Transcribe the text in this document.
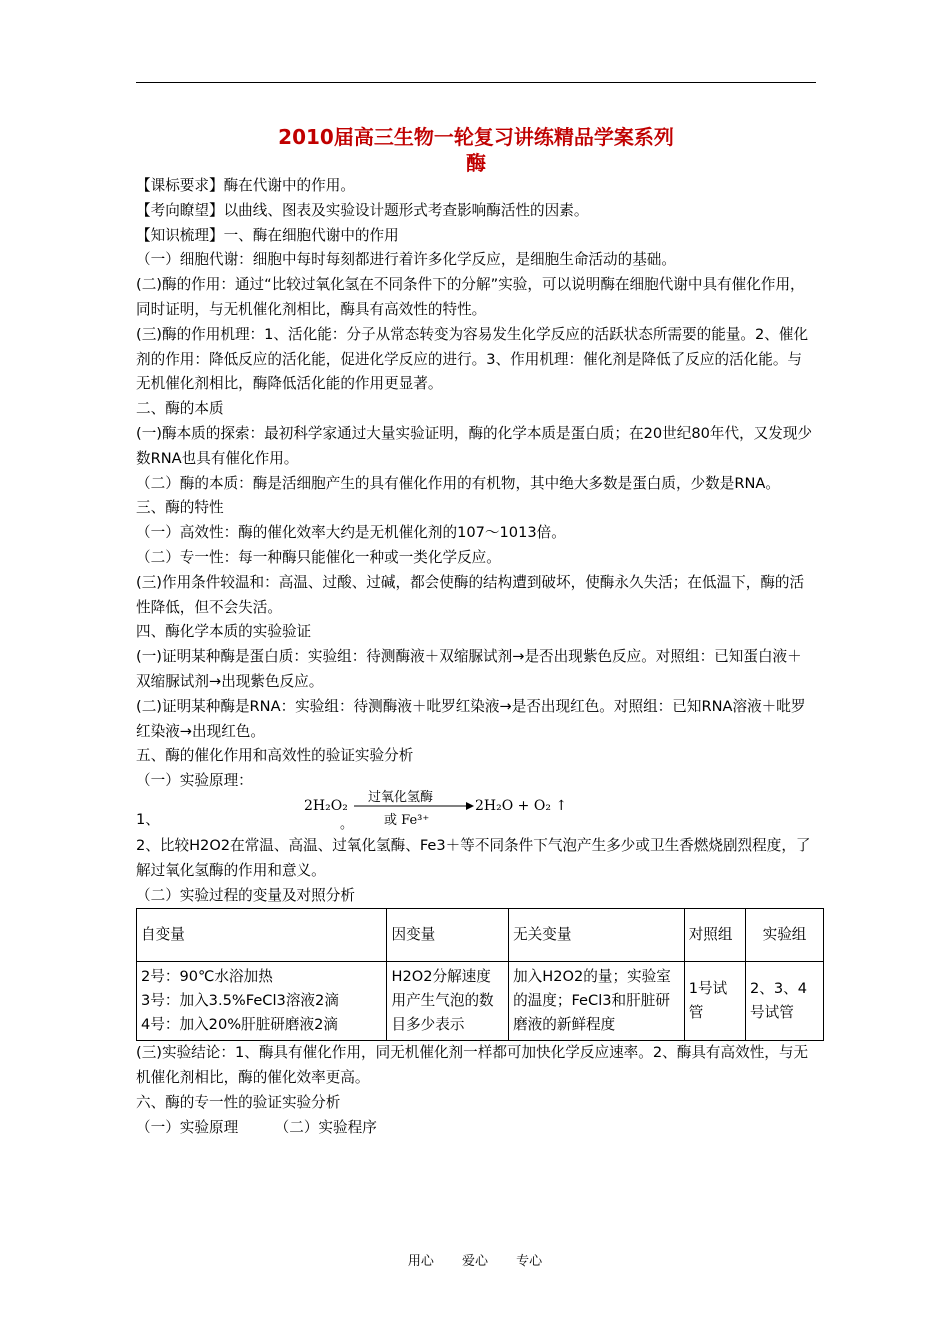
2010届高三生物一轮复习讲练精品学案系列
酶

【课标要求】酶在代谢中的作用。

【考向瞭望】以曲线、图表及实验设计题形式考查影响酶活性的因素。

【知识梳理】一、酶在细胞代谢中的作用

（一）细胞代谢：细胞中每时每刻都进行着许多化学反应，是细胞生命活动的基础。

(二)酶的作用：通过“比较过氧化氢在不同条件下的分解”实验，可以说明酶在细胞代谢中具有催化作用，同时证明，与无机催化剂相比，酶具有高效性的特性。

(三)酶的作用机理：1、活化能：分子从常态转变为容易发生化学反应的活跃状态所需要的能量。2、催化剂的作用：降低反应的活化能，促进化学反应的进行。3、作用机理：催化剂是降低了反应的活化能。与无机催化剂相比，酶降低活化能的作用更显著。

二、酶的本质

(一)酶本质的探索：最初科学家通过大量实验证明，酶的化学本质是蛋白质；在20世纪80年代，又发现少数RNA也具有催化作用。

（二）酶的本质：酶是活细胞产生的具有催化作用的有机物，其中绝大多数是蛋白质，少数是RNA。

三、酶的特性

（一）高效性：酶的催化效率大约是无机催化剂的107～1013倍。

（二）专一性：每一种酶只能催化一种或一类化学反应。

(三)作用条件较温和：高温、过酸、过碱，都会使酶的结构遭到破坏，使酶永久失活；在低温下，酶的活性降低，但不会失活。

四、酶化学本质的实验验证

(一)证明某种酶是蛋白质：实验组：待测酶液＋双缩脲试剂→是否出现紫色反应。对照组：已知蛋白液＋双缩脲试剂→出现紫色反应。

(二)证明某种酶是RNA：实验组：待测酶液＋吡罗红染液→是否出现红色。对照组：已知RNA溶液＋吡罗红染液→出现红色。

五、酶的催化作用和高效性的验证实验分析

（一）实验原理：

1、
2H₂O₂
过氧化氢酶
或 Fe³⁺
2H₂O + O₂ ↑
。

2、比较H2O2在常温、高温、过氧化氢酶、Fe3＋等不同条件下气泡产生多少或卫生香燃烧剧烈程度，了解过氧化氢酶的作用和意义。

（二）实验过程的变量及对照分析

自变量	因变量	无关变量	对照组	实验组
2号：90℃水浴加热
3号：加入3.5%FeCl3溶液2滴
4号：加入20%肝脏研磨液2滴	H2O2分解速度用产生气泡的数目多少表示	加入H2O2的量；实验室的温度；FeCl3和肝脏研磨液的新鲜程度	1号试管	2、3、4号试管

(三)实验结论：1、酶具有催化作用，同无机催化剂一样都可加快化学反应速率。2、酶具有高效性，与无机催化剂相比，酶的催化效率更高。

六、酶的专一性的验证实验分析

（一）实验原理　　　（二）实验程序

用心 爱心 专心
